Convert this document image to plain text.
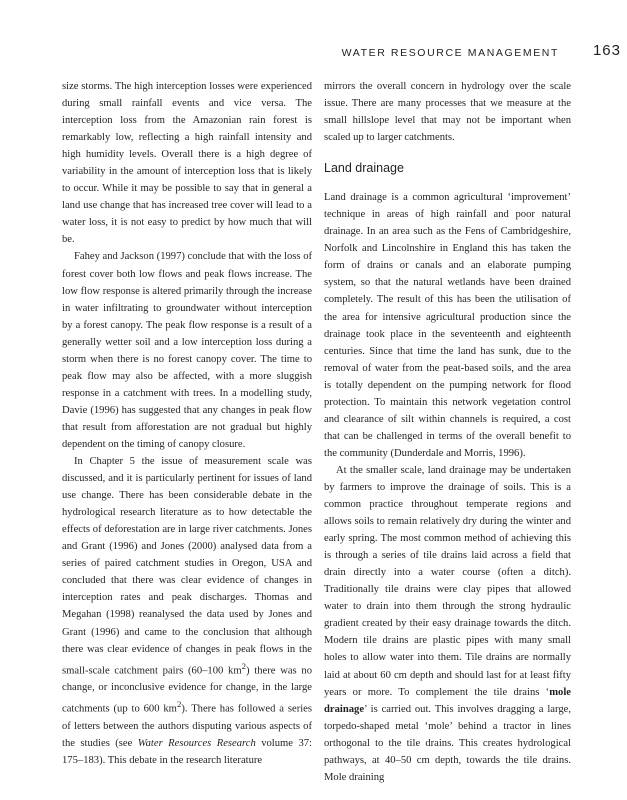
WATER RESOURCE MANAGEMENT 163

size storms. The high interception losses were experienced during small rainfall events and vice versa. The interception loss from the Amazonian rain forest is remarkably low, reflecting a high rainfall intensity and high humidity levels. Overall there is a high degree of variability in the amount of interception loss that is likely to occur. While it may be possible to say that in general a land use change that has increased tree cover will lead to a water loss, it is not easy to predict by how much that will be.

Fahey and Jackson (1997) conclude that with the loss of forest cover both low flows and peak flows increase. The low flow response is altered primarily through the increase in water infiltrating to groundwater without interception by a forest canopy. The peak flow response is a result of a generally wetter soil and a low interception loss during a storm when there is no forest canopy cover. The time to peak flow may also be affected, with a more sluggish response in a catchment with trees. In a modelling study, Davie (1996) has suggested that any changes in peak flow that result from afforestation are not gradual but highly dependent on the timing of canopy closure.

In Chapter 5 the issue of measurement scale was discussed, and it is particularly pertinent for issues of land use change. There has been considerable debate in the hydrological research literature as to how detectable the effects of deforestation are in large river catchments. Jones and Grant (1996) and Jones (2000) analysed data from a series of paired catchment studies in Oregon, USA and concluded that there was clear evidence of changes in interception rates and peak discharges. Thomas and Megahan (1998) reanalysed the data used by Jones and Grant (1996) and came to the conclusion that although there was clear evidence of changes in peak flows in the small-scale catchment pairs (60–100 $km^2$) there was no change, or inconclusive evidence for change, in the large catchments (up to 600 $km^2$). There has followed a series of letters between the authors disputing various aspects of the studies (see Water Resources Research volume 37: 175–183). This debate in the research literature

mirrors the overall concern in hydrology over the scale issue. There are many processes that we measure at the small hillslope level that may not be important when scaled up to larger catchments.

Land drainage

Land drainage is a common agricultural ‘improvement’ technique in areas of high rainfall and poor natural drainage. In an area such as the Fens of Cambridgeshire, Norfolk and Lincolnshire in England this has taken the form of drains or canals and an elaborate pumping system, so that the natural wetlands have been drained completely. The result of this has been the utilisation of the area for intensive agricultural production since the drainage took place in the seventeenth and eighteenth centuries. Since that time the land has sunk, due to the removal of water from the peat-based soils, and the area is totally dependent on the pumping network for flood protection. To maintain this network vegetation control and clearance of silt within channels is required, a cost that can be challenged in terms of the overall benefit to the community (Dunderdale and Morris, 1996).

At the smaller scale, land drainage may be undertaken by farmers to improve the drainage of soils. This is a common practice throughout temperate regions and allows soils to remain relatively dry during the winter and early spring. The most common method of achieving this is through a series of tile drains laid across a field that drain directly into a water course (often a ditch). Traditionally tile drains were clay pipes that allowed water to drain into them through the strong hydraulic gradient created by their easy drainage towards the ditch. Modern tile drains are plastic pipes with many small holes to allow water into them. Tile drains are normally laid at about 60 cm depth and should last for at least fifty years or more. To complement the tile drains ‘mole drainage’ is carried out. This involves dragging a large, torpedo-shaped metal ‘mole’ behind a tractor in lines orthogonal to the tile drains. This creates hydrological pathways, at 40–50 cm depth, towards the tile drains. Mole draining
